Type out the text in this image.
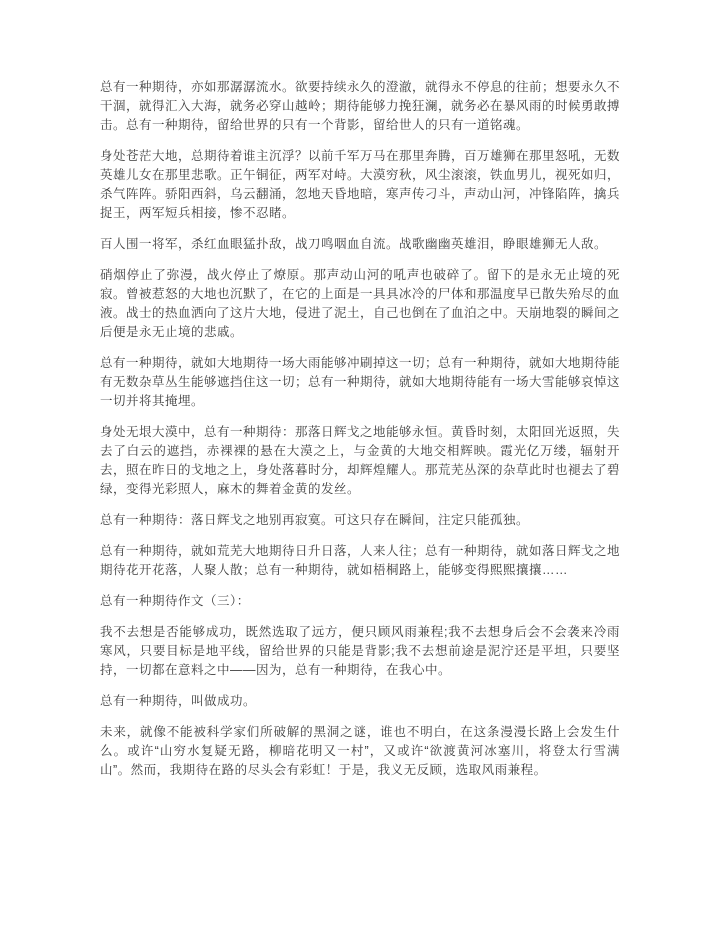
总有一种期待，亦如那潺潺流水。欲要持续永久的澄澈，就得永不停息的往前；想要永久不干涸，就得汇入大海，就务必穿山越岭；期待能够力挽狂澜，就务必在暴风雨的时候勇敢搏击。总有一种期待，留给世界的只有一个背影，留给世人的只有一道铭魂。

身处苍茫大地，总期待着谁主沉浮？以前千军万马在那里奔腾，百万雄狮在那里怒吼，无数英雄儿女在那里悲歌。正午铜征，两军对峙。大漠穷秋，风尘滚滚，铁血男儿，视死如归，杀气阵阵。骄阳西斜，乌云翻涌，忽地天昏地暗，寒声传刁斗，声动山河，冲锋陷阵，擒兵捉王，两军短兵相接，惨不忍睹。

百人围一将军，杀红血眼猛扑敌，战刀鸣咽血自流。战歌幽幽英雄泪，睁眼雄狮无人敌。

硝烟停止了弥漫，战火停止了燎原。那声动山河的吼声也破碎了。留下的是永无止境的死寂。曾被惹怒的大地也沉默了，在它的上面是一具具冰冷的尸体和那温度早已散失殆尽的血液。战士的热血洒向了这片大地，侵进了泥土，自己也倒在了血泊之中。天崩地裂的瞬间之后便是永无止境的悲戚。

总有一种期待，就如大地期待一场大雨能够冲刷掉这一切；总有一种期待，就如大地期待能有无数杂草丛生能够遮挡住这一切；总有一种期待，就如大地期待能有一场大雪能够哀悼这一切并将其掩埋。

身处无垠大漠中，总有一种期待：那落日辉戈之地能够永恒。黄昏时刻，太阳回光返照，失去了白云的遮挡，赤裸裸的悬在大漠之上，与金黄的大地交相辉映。霞光亿万缕，辐射开去，照在昨日的戈地之上，身处落暮时分，却辉煌耀人。那荒芜丛深的杂草此时也褪去了碧绿，变得光彩照人，麻木的舞着金黄的发丝。

总有一种期待：落日辉戈之地别再寂寞。可这只存在瞬间，注定只能孤独。

总有一种期待，就如荒芜大地期待日升日落，人来人往；总有一种期待，就如落日辉戈之地期待花开花落，人聚人散；总有一种期待，就如梧桐路上，能够变得熙熙攘攘……

总有一种期待作文（三）：

我不去想是否能够成功，既然选取了远方，便只顾风雨兼程;我不去想身后会不会袭来冷雨寒风，只要目标是地平线，留给世界的只能是背影;我不去想前途是泥泞还是平坦，只要坚持，一切都在意料之中——因为，总有一种期待，在我心中。

总有一种期待，叫做成功。

未来，就像不能被科学家们所破解的黑洞之谜，谁也不明白，在这条漫漫长路上会发生什么。或许“山穷水复疑无路，柳暗花明又一村”，又或许“欲渡黄河冰塞川，将登太行雪满山”。然而，我期待在路的尽头会有彩虹！于是，我义无反顾，选取风雨兼程。
